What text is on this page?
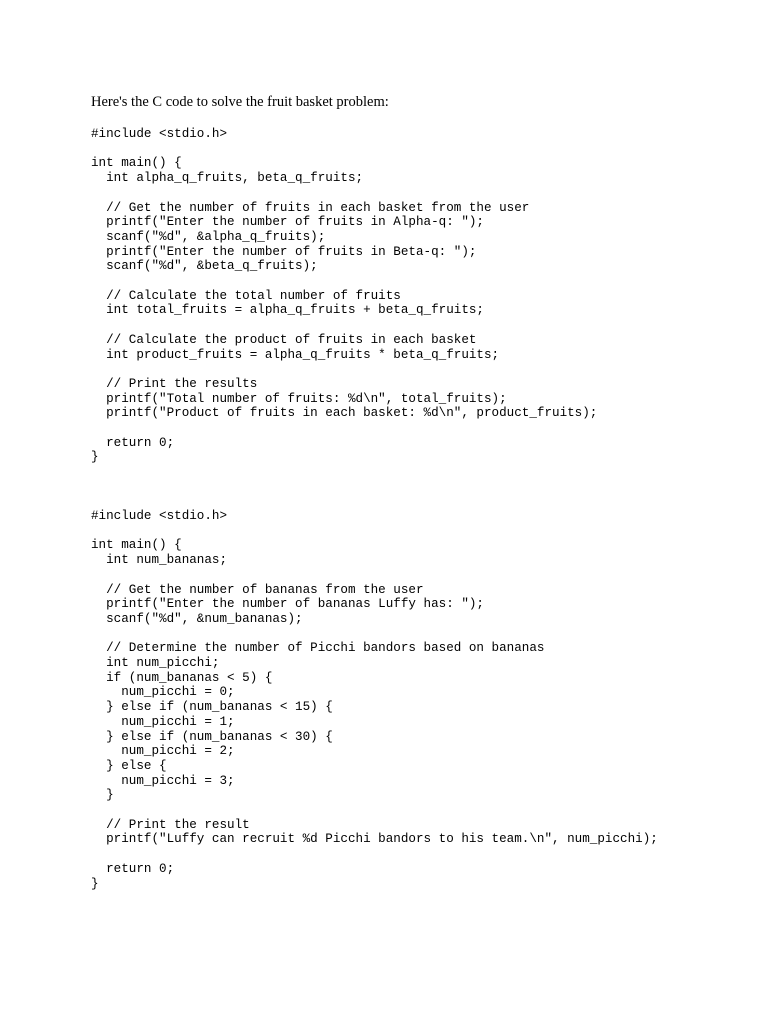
Here's the C code to solve the fruit basket problem:

#include <stdio.h>

int main() {
int alpha_q_fruits, beta_q_fruits;

// Get the number of fruits in each basket from the user
printf("Enter the number of fruits in Alpha-q: ");
scanf("%d", &alpha_q_fruits);
printf("Enter the number of fruits in Beta-q: ");
scanf("%d", &beta_q_fruits);

// Calculate the total number of fruits
int total_fruits = alpha_q_fruits + beta_q_fruits;

// Calculate the product of fruits in each basket
int product_fruits = alpha_q_fruits * beta_q_fruits;

// Print the results
printf("Total number of fruits: %d\n", total_fruits);
printf("Product of fruits in each basket: %d\n", product_fruits);

return 0;
}
#include <stdio.h>

int main() {
int num_bananas;

// Get the number of bananas from the user
printf("Enter the number of bananas Luffy has: ");
scanf("%d", &num_bananas);

// Determine the number of Picchi bandors based on bananas
int num_picchi;
if (num_bananas < 5) {
num_picchi = 0;
} else if (num_bananas < 15) {
num_picchi = 1;
} else if (num_bananas < 30) {
num_picchi = 2;
} else {
num_picchi = 3;
}

// Print the result
printf("Luffy can recruit %d Picchi bandors to his team.\n", num_picchi);

return 0;
}
